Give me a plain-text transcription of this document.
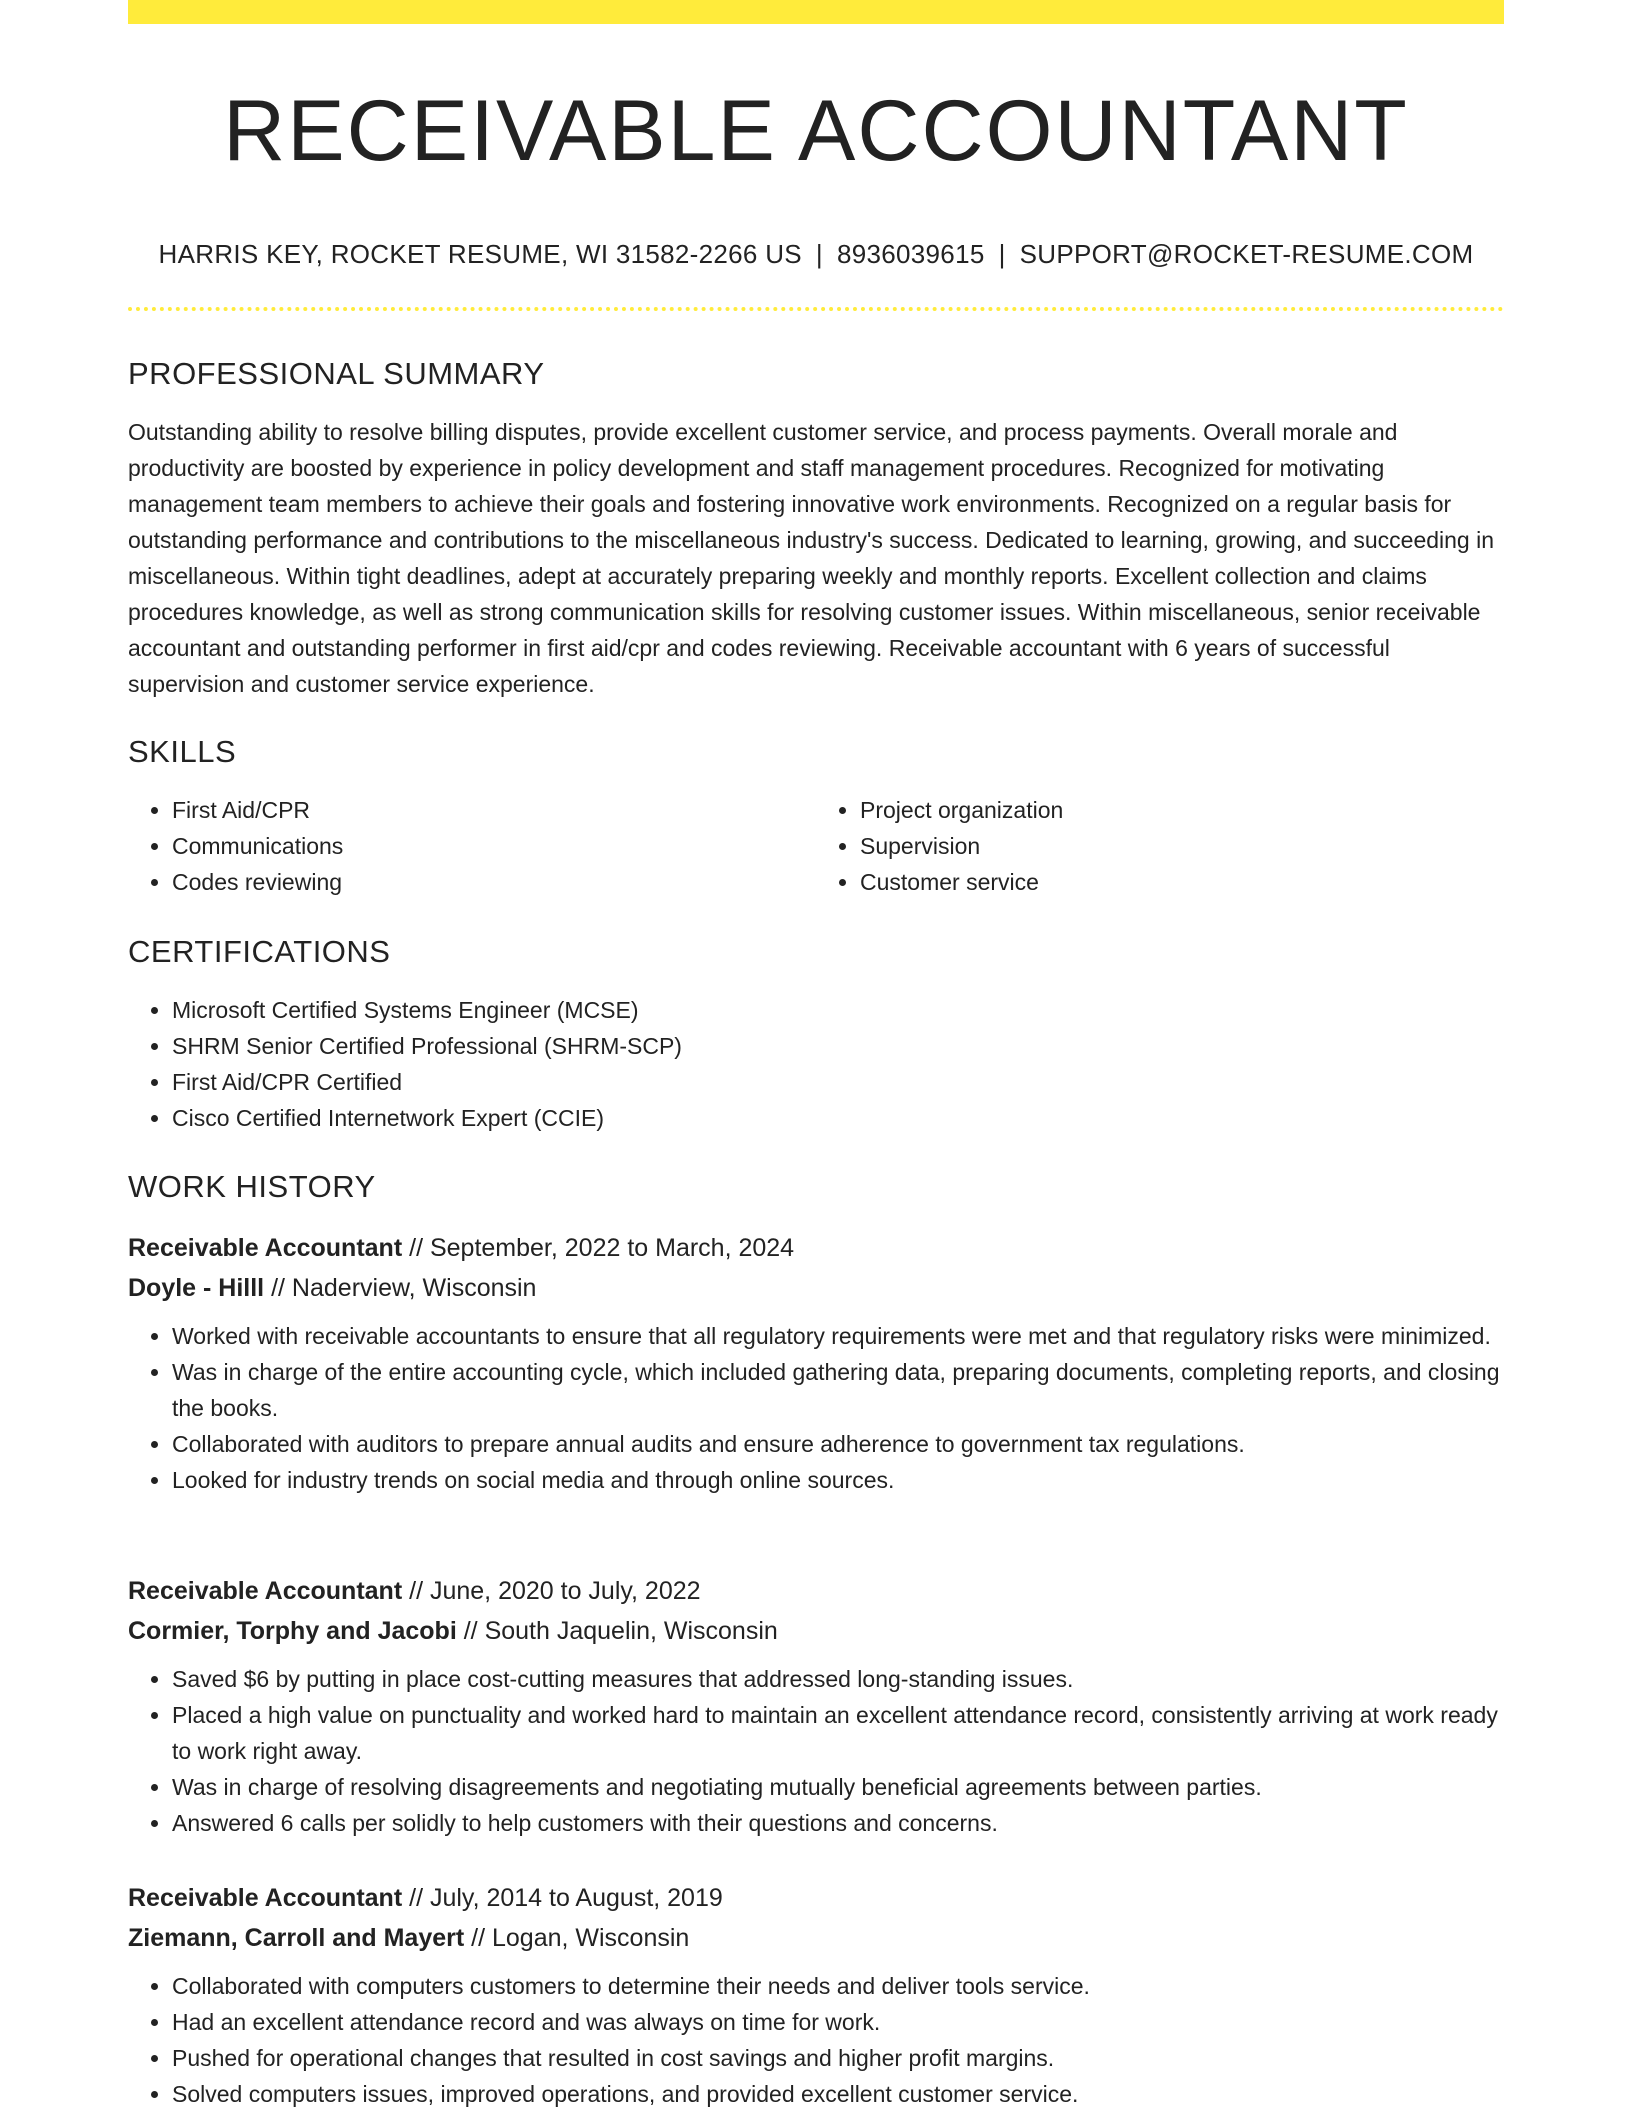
RECEIVABLE ACCOUNTANT
HARRIS KEY, ROCKET RESUME, WI 31582-2266 US | 8936039615 | SUPPORT@ROCKET-RESUME.COM
PROFESSIONAL SUMMARY

Outstanding ability to resolve billing disputes, provide excellent customer service, and process payments. Overall morale and productivity are boosted by experience in policy development and staff management procedures. Recognized for motivating management team members to achieve their goals and fostering innovative work environments. Recognized on a regular basis for outstanding performance and contributions to the miscellaneous industry's success. Dedicated to learning, growing, and succeeding in miscellaneous. Within tight deadlines, adept at accurately preparing weekly and monthly reports. Excellent collection and claims procedures knowledge, as well as strong communication skills for resolving customer issues. Within miscellaneous, senior receivable accountant and outstanding performer in first aid/cpr and codes reviewing. Receivable accountant with 6 years of successful supervision and customer service experience.

SKILLS
• First Aid/CPR
• Communications
• Codes reviewing
• Project organization
• Supervision
• Customer service
CERTIFICATIONS
• Microsoft Certified Systems Engineer (MCSE)
• SHRM Senior Certified Professional (SHRM-SCP)
• First Aid/CPR Certified
• Cisco Certified Internetwork Expert (CCIE)
WORK HISTORY
Receivable Accountant // September, 2022 to March, 2024
Doyle - Hilll // Naderview, Wisconsin
• Worked with receivable accountants to ensure that all regulatory requirements were met and that regulatory risks were minimized.
• Was in charge of the entire accounting cycle, which included gathering data, preparing documents, completing reports, and closing the books.
• Collaborated with auditors to prepare annual audits and ensure adherence to government tax regulations.
• Looked for industry trends on social media and through online sources.
Receivable Accountant // June, 2020 to July, 2022
Cormier, Torphy and Jacobi // South Jaquelin, Wisconsin
• Saved $6 by putting in place cost-cutting measures that addressed long-standing issues.
• Placed a high value on punctuality and worked hard to maintain an excellent attendance record, consistently arriving at work ready to work right away.
• Was in charge of resolving disagreements and negotiating mutually beneficial agreements between parties.
• Answered 6 calls per solidly to help customers with their questions and concerns.
Receivable Accountant // July, 2014 to August, 2019
Ziemann, Carroll and Mayert // Logan, Wisconsin
• Collaborated with computers customers to determine their needs and deliver tools service.
• Had an excellent attendance record and was always on time for work.
• Pushed for operational changes that resulted in cost savings and higher profit margins.
• Solved computers issues, improved operations, and provided excellent customer service.
